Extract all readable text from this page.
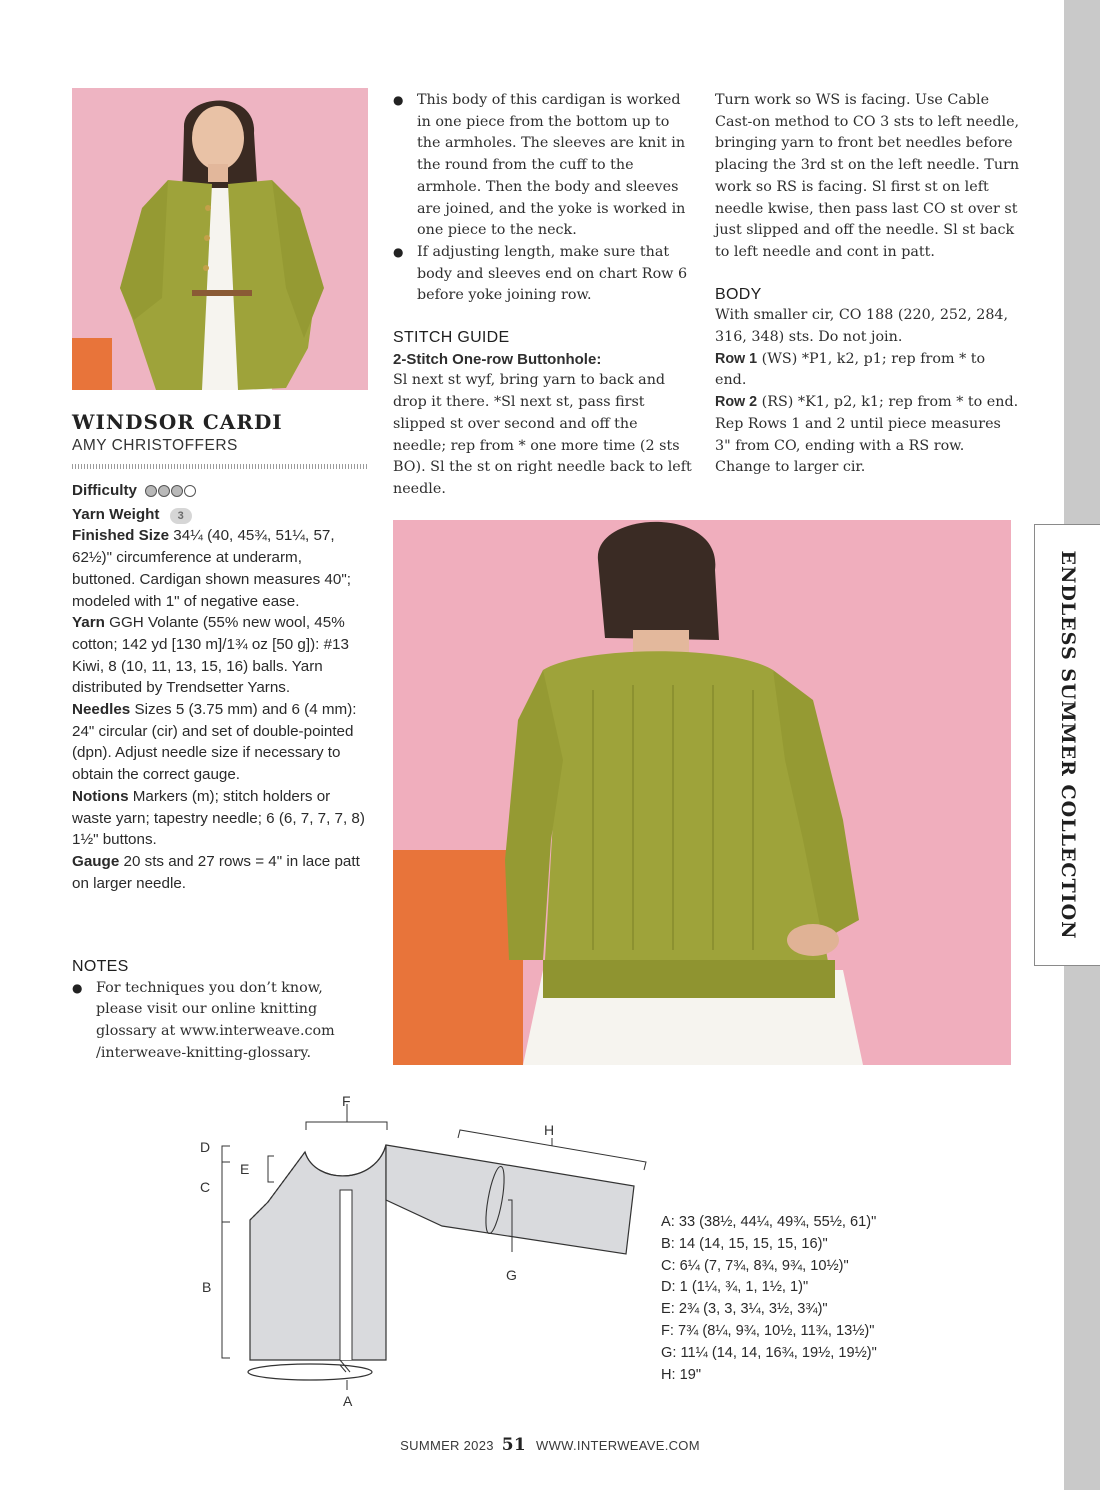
ENDLESS SUMMER COLLECTION
WINDSOR CARDI
AMY CHRISTOFFERS

Difficulty

Yarn Weight 3

Finished Size 34¼ (40, 45¾, 51¼, 57, 62½)" circumference at underarm, buttoned. Cardigan shown measures 40"; modeled with 1" of negative ease.

Yarn GGH Volante (55% new wool, 45% cotton; 142 yd [130 m]/1¾ oz [50 g]): #13 Kiwi, 8 (10, 11, 13, 15, 16) balls. Yarn distributed by Trendsetter Yarns.

Needles Sizes 5 (3.75 mm) and 6 (4 mm): 24" circular (cir) and set of double-pointed (dpn). Adjust needle size if necessary to obtain the correct gauge.

Notions Markers (m); stitch holders or waste yarn; tapestry needle; 6 (6, 7, 7, 7, 8) 1½" buttons.

Gauge 20 sts and 27 rows = 4" in lace patt on larger needle.

NOTES

● For techniques you don’t know, please visit our online knitting glossary at www.interweave.com /interweave-knitting-glossary.

● This body of this cardigan is worked in one piece from the bottom up to the armholes. The sleeves are knit in the round from the cuff to the armhole. Then the body and sleeves are joined, and the yoke is worked in one piece to the neck.

● If adjusting length, make sure that body and sleeves end on chart Row 6 before yoke joining row.

STITCH GUIDE

2-Stitch One-row Buttonhole:

Sl next st wyf, bring yarn to back and drop it there. *Sl next st, pass first slipped st over second and off the needle; rep from * one more time (2 sts BO). Sl the st on right needle back to left needle.

Turn work so WS is facing. Use Cable Cast-on method to CO 3 sts to left needle, bringing yarn to front bet needles before placing the 3rd st on the left needle. Turn work so RS is facing. Sl first st on left needle kwise, then pass last CO st over st just slipped and off the needle. Sl st back to left needle and cont in patt.

BODY

With smaller cir, CO 188 (220, 252, 284, 316, 348) sts. Do not join.

Row 1 (WS) *P1, k2, p1; rep from * to end.

Row 2 (RS) *K1, p2, k1; rep from * to end.

Rep Rows 1 and 2 until piece measures 3" from CO, ending with a RS row. Change to larger cir.

F
H
D
E
C
B
G
A
A: 33 (38½, 44¼, 49¾, 55½, 61)"
B: 14 (14, 15, 15, 15, 16)"
C: 6¼ (7, 7¾, 8¾, 9¾, 10½)"
D: 1 (1¼, ¾, 1, 1½, 1)"
E: 2¾ (3, 3, 3¼, 3½, 3¾)"
F: 7¾ (8¼, 9¾, 10½, 11¾, 13½)"
G: 11¼ (14, 14, 16¾, 19½, 19½)"
H: 19"
SUMMER 2023 51 WWW.INTERWEAVE.COM
